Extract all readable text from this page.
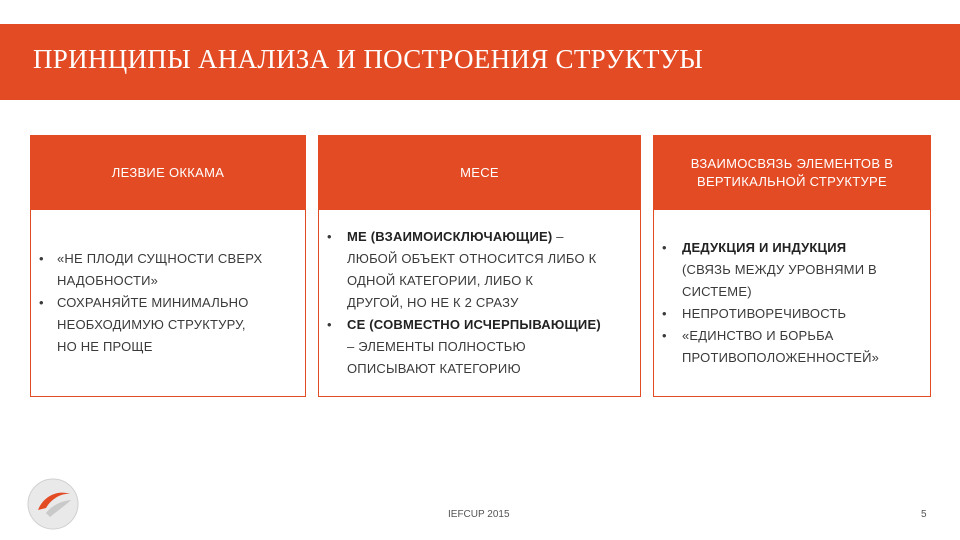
ПРИНЦИПЫ АНАЛИЗА И ПОСТРОЕНИЯ СТРУКТУЫ
ЛЕЗВИЕ ОККАМА
• «НЕ ПЛОДИ СУЩНОСТИ СВЕРХ
НАДОБНОСТИ»
• СОХРАНЯЙТЕ МИНИМАЛЬНО
НЕОБХОДИМУЮ СТРУКТУРУ,
НО НЕ ПРОЩЕ
MECE
• ME (ВЗАИМОИСКЛЮЧАЮЩИЕ) –
ЛЮБОЙ ОБЪЕКТ ОТНОСИТСЯ ЛИБО К
ОДНОЙ КАТЕГОРИИ, ЛИБО К
ДРУГОЙ, НО НЕ К 2 СРАЗУ
• CE (СОВМЕСТНО ИСЧЕРПЫВАЮЩИЕ)
– ЭЛЕМЕНТЫ ПОЛНОСТЬЮ
ОПИСЫВАЮТ КАТЕГОРИЮ
ВЗАИМОСВЯЗЬ ЭЛЕМЕНТОВ В
ВЕРТИКАЛЬНОЙ СТРУКТУРЕ
• ДЕДУКЦИЯ И ИНДУКЦИЯ
(СВЯЗЬ МЕЖДУ УРОВНЯМИ В
СИСТЕМЕ)
• НЕПРОТИВОРЕЧИВОСТЬ
• «ЕДИНСТВО И БОРЬБА
ПРОТИВОПОЛОЖЕННОСТЕЙ»
IEFCUP 2015	5
